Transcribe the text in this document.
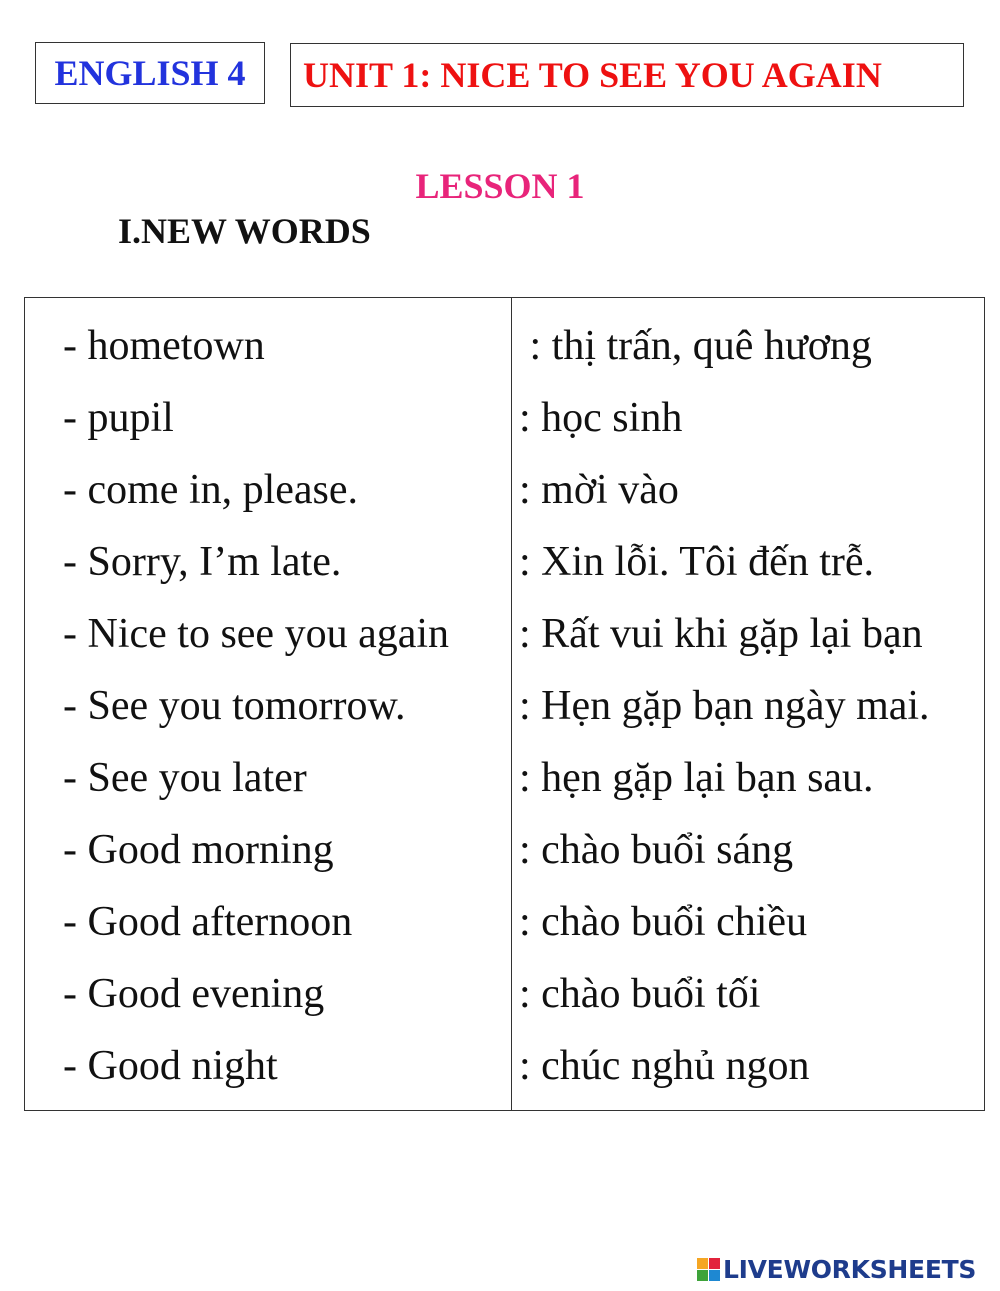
ENGLISH 4 UNIT 1: NICE TO SEE YOU AGAIN
LESSON 1
I.NEW WORDS
- hometown	: thị trấn, quê hương
- pupil	: học sinh
- come in, please.	: mời vào
- Sorry, I’m late.	: Xin lỗi. Tôi đến trễ.
- Nice to see you again : Rất vui khi gặp lại bạn
- See you tomorrow.	: Hẹn gặp bạn ngày mai.
- See you later	: hẹn gặp lại bạn sau.
- Good morning	: chào buổi sáng
- Good afternoon	: chào buổi chiều
- Good evening	: chào buổi tối
- Good night	: chúc nghủ ngon
LIVEWORKSHEETS
